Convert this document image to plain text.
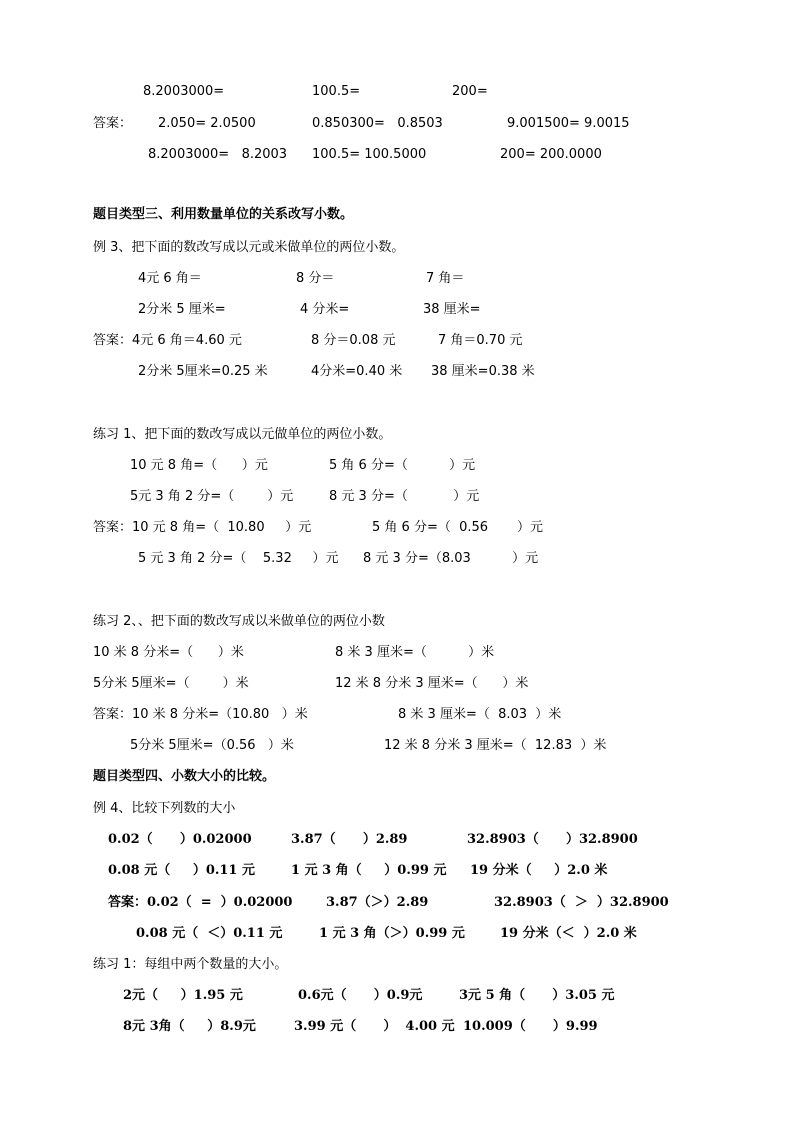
8.2003000=	100.5=	200=
答案： 2.050= 2.0500	0.850300=   0.8503	9.001500= 9.0015
8.2003000=   8.2003 100.5= 100.5000	200= 200.0000
题目类型三、利用数量单位的关系改写小数。
例 3、把下面的数改写成以元或米做单位的两位小数。
4元 6 角＝	8 分＝	7 角＝
2分米 5 厘米=	4 分米=	38 厘米=
答案：4元 6 角＝4.60 元	8 分＝0.08 元	7 角＝0.70 元
2分米 5厘米=0.25 米	4分米=0.40 米 38 厘米=0.38 米
练习 1、把下面的数改写成以元做单位的两位小数。
10 元 8 角=（      ）元	5 角 6 分=（          ）元
5元 3 角 2 分=（        ）元	8 元 3 分=（           ）元
答案：10 元 8 角=（  10.80     ）元	5 角 6 分=（  0.56       ）元
5 元 3 角 2 分=（    5.32     ）元 8 元 3 分=（8.03          ）元
练习 2、、把下面的数改写成以米做单位的两位小数
10 米 8 分米=（      ）米	8 米 3 厘米=（          ）米
5分米 5厘米=（        ）米	12 米 8 分米 3 厘米=（      ）米
答案：10 米 8 分米=（10.80   ）米	8 米 3 厘米=（  8.03  ）米
5分米 5厘米=（0.56   ）米	12 米 8 分米 3 厘米=（  12.83  ）米
题目类型四、小数大小的比较。
例 4、比较下列数的大小
0.02（      ）0.02000	3.87（      ）2.89	32.8903（      ）32.8900
0.08 元（     ）0.11 元	1 元 3 角（     ）0.99 元 19 分米（     ）2.0 米
答案：0.02（  =  ）0.02000	3.87（＞）2.89	32.8903（  ＞  ）32.8900
0.08 元（  ＜）0.11 元	1 元 3 角（＞）0.99 元	19 分米（＜  ）2.0 米
练习 1：每组中两个数量的大小。
2元（     ）1.95 元	0.6元（      ）0.9元	3元 5 角（      ）3.05 元
8元 3角（     ）8.9元	3.99 元（      ）  4.00 元 10.009（      ）9.99
